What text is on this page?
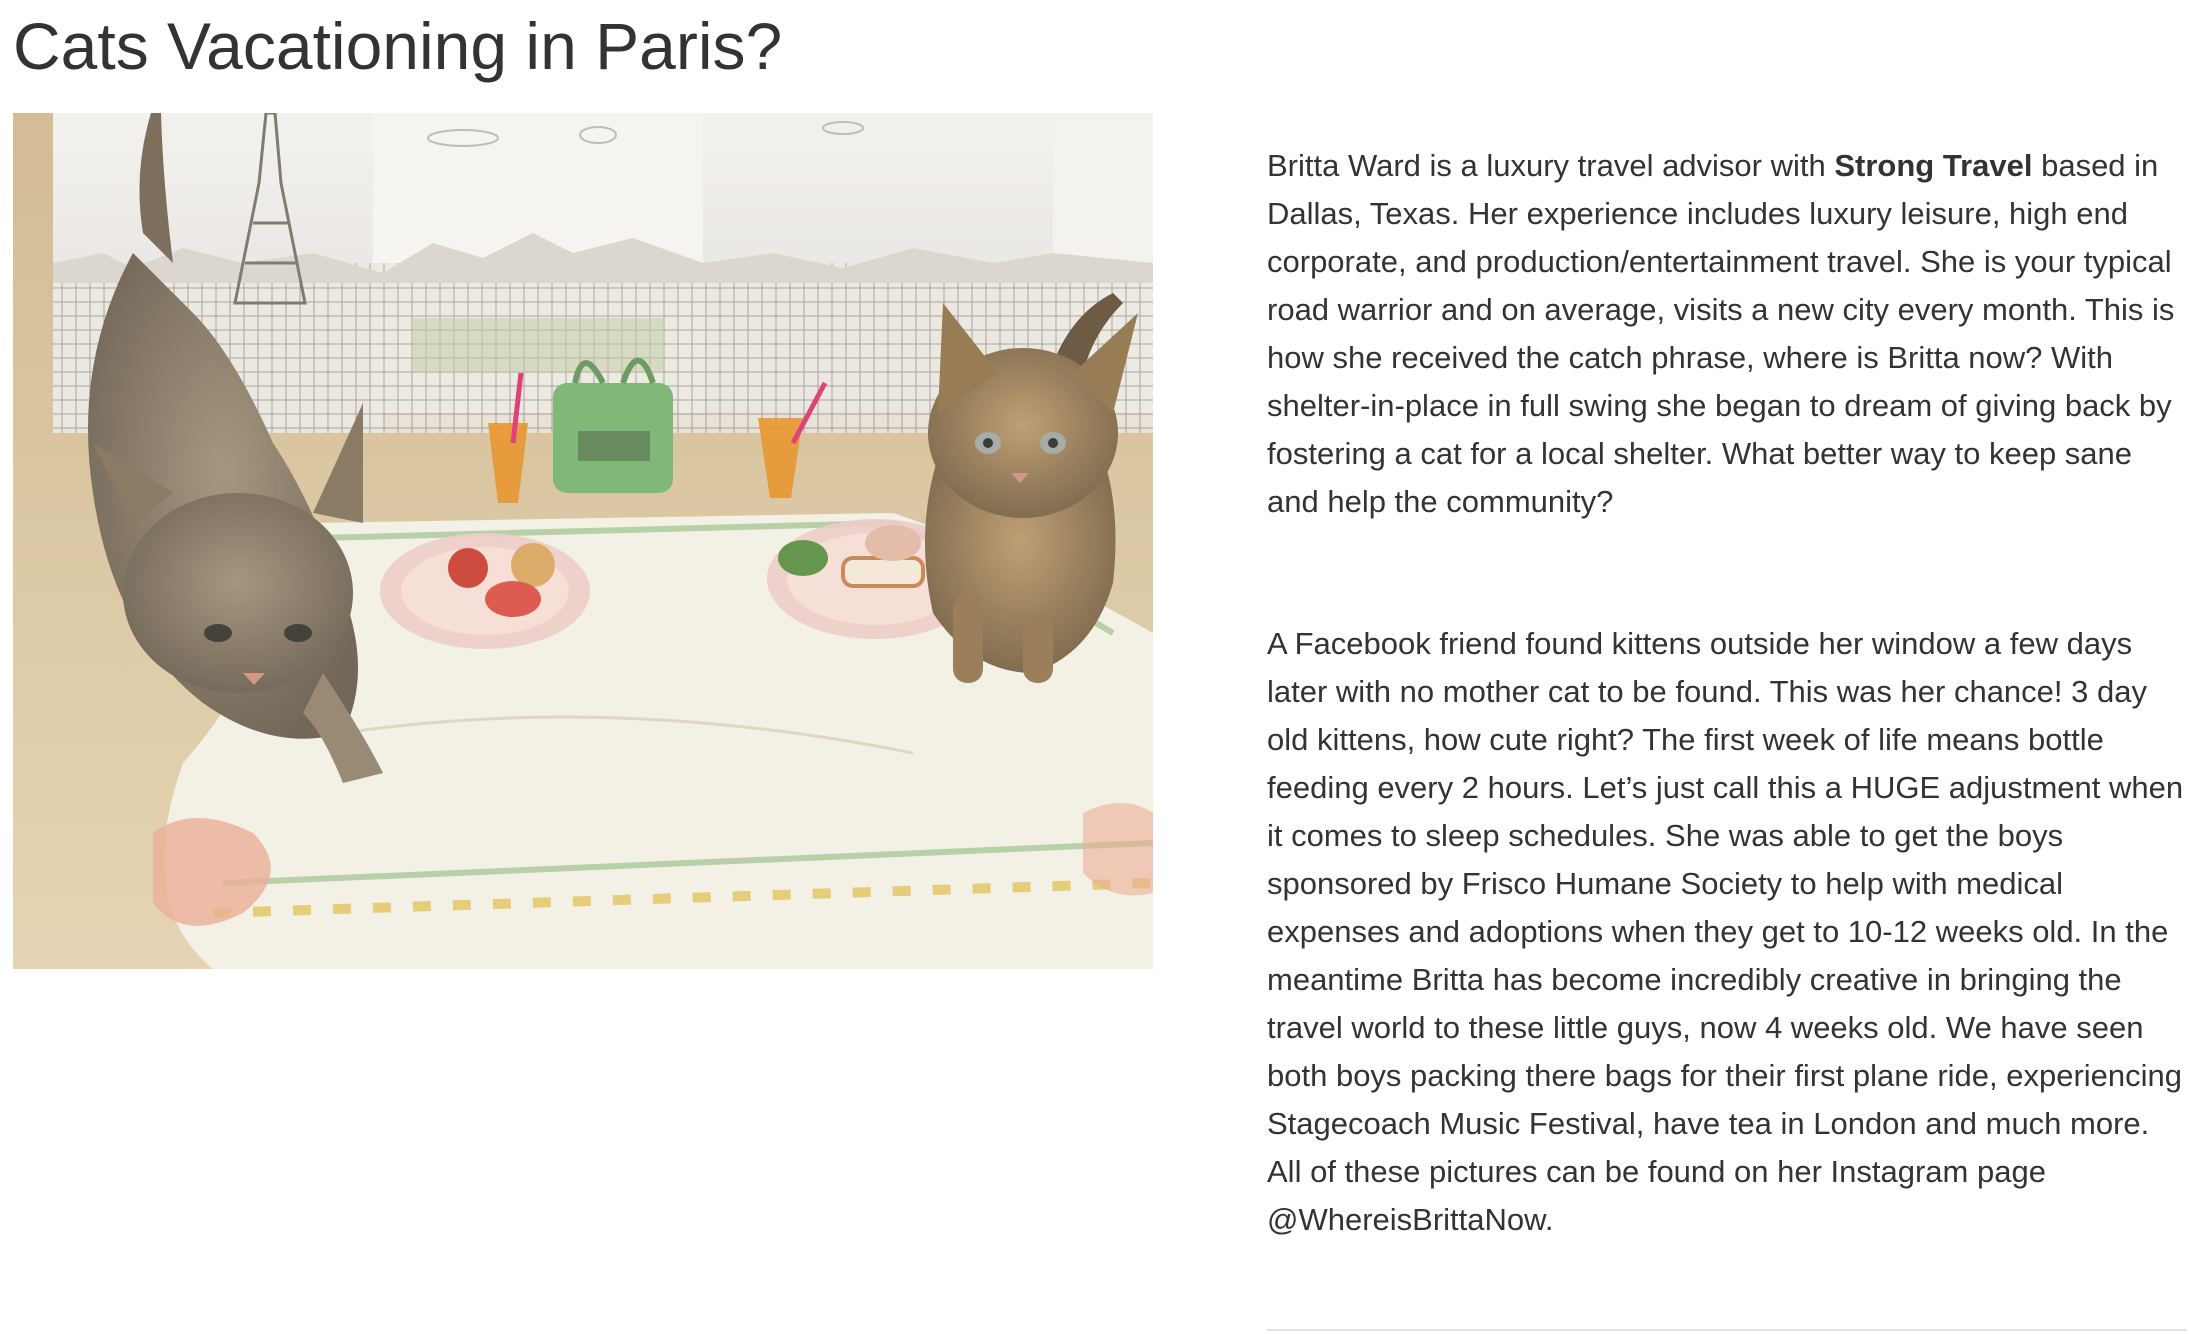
Cats Vacationing in Paris?

Britta Ward is a luxury travel advisor with Strong Travel based in Dallas, Texas. Her experience includes luxury leisure, high end corporate, and production/entertainment travel. She is your typical road warrior and on average, visits a new city every month. This is how she received the catch phrase, where is Britta now? With shelter-in-place in full swing she began to dream of giving back by fostering a cat for a local shelter. What better way to keep sane and help the community?

A Facebook friend found kittens outside her window a few days later with no mother cat to be found. This was her chance! 3 day old kittens, how cute right? The first week of life means bottle feeding every 2 hours. Let’s just call this a HUGE adjustment when it comes to sleep schedules. She was able to get the boys sponsored by Frisco Humane Society to help with medical expenses and adoptions when they get to 10-12 weeks old. In the meantime Britta has become incredibly creative in bringing the travel world to these little guys, now 4 weeks old. We have seen both boys packing there bags for their first plane ride, experiencing Stagecoach Music Festival, have tea in London and much more. All of these pictures can be found on her Instagram page @WhereisBrittaNow.
